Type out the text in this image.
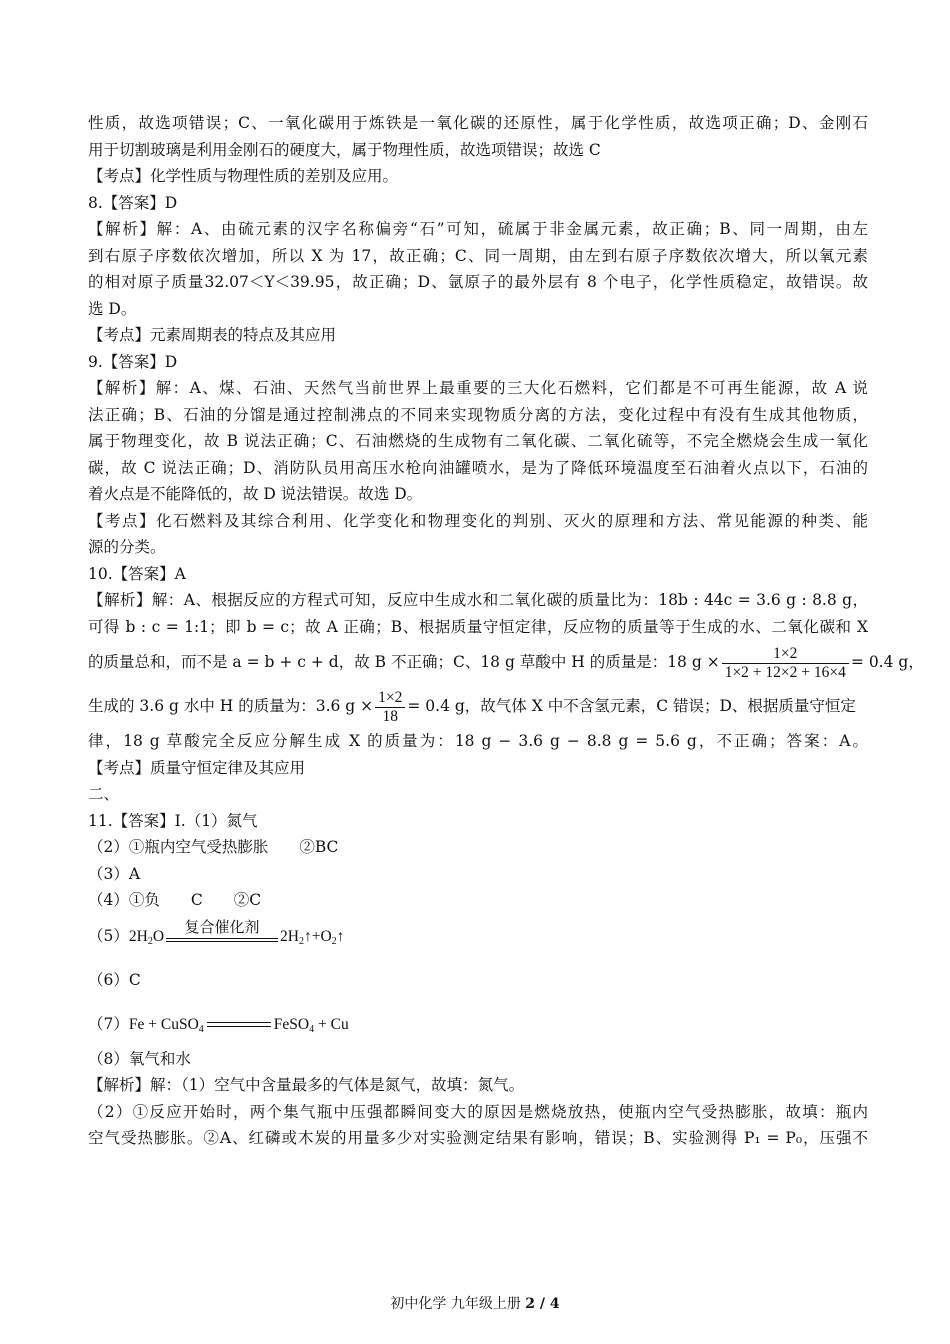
性质，故选项错误；C、一氧化碳用于炼铁是一氧化碳的还原性，属于化学性质，故选项正确；D、金刚石
用于切割玻璃是利用金刚石的硬度大，属于物理性质，故选项错误；故选 C
【考点】化学性质与物理性质的差别及应用。
8.【答案】D
【解析】解：A、由硫元素的汉字名称偏旁“石”可知，硫属于非金属元素，故正确；B、同一周期，由左
到右原子序数依次增加，所以 X 为 17，故正确；C、同一周期，由左到右原子序数依次增大，所以氧元素
的相对原子质量32.07＜Y＜39.95，故正确；D、氩原子的最外层有 8 个电子，化学性质稳定，故错误。故
选 D。
【考点】元素周期表的特点及其应用
9.【答案】D
【解析】解：A、煤、石油、天然气当前世界上最重要的三大化石燃料，它们都是不可再生能源，故 A 说
法正确；B、石油的分馏是通过控制沸点的不同来实现物质分离的方法，变化过程中有没有生成其他物质，
属于物理变化，故 B 说法正确；C、石油燃烧的生成物有二氧化碳、二氧化硫等，不完全燃烧会生成一氧化
碳，故 C 说法正确；D、消防队员用高压水枪向油罐喷水，是为了降低环境温度至石油着火点以下，石油的
着火点是不能降低的，故 D 说法错误。故选 D。
【考点】化石燃料及其综合利用、化学变化和物理变化的判别、灭火的原理和方法、常见能源的种类、能
源的分类。
10.【答案】A
【解析】解：A、根据反应的方程式可知，反应中生成水和二氧化碳的质量比为：18b : 44c = 3.6 g : 8.8 g，
可得 b : c = 1:1；即 b = c；故 A 正确；B、根据质量守恒定律，反应物的质量等于生成的水、二氧化碳和 X
的质量总和，而不是 a = b + c + d，故 B 不正确；C、18 g 草酸中 H 的质量是：18 $g \times \frac{1\times 2}{1\times 2 + 12\times 2 + 16\times 4} = 0.4$ g，
生成的 3.6 g 水中 H 的质量为：3.6 $g \times \frac{1\times 2}{18} = 0.4$ g，故气体 X 中不含氢元素，C 错误；D、根据质量守恒定
律，18 g 草酸完全反应分解生成 X 的质量为：18 g − 3.6 g − 8.8 g = 5.6 g，不正确；答案：A。
【考点】质量守恒定律及其应用
二、
11.【答案】I.（1）氮气
（2）①瓶内空气受热膨胀　　②BC
（3）A
（4）①负　　C　　②C
$(5)2H_2O$
复合催化剂
$2H_2↑+O_2↑$
（6）C
（7）Fe + CuSO$_4$	FeSO$_4$ + Cu
（8）氧气和水
【解析】解：（1）空气中含量最多的气体是氮气，故填：氮气。
（2）①反应开始时，两个集气瓶中压强都瞬间变大的原因是燃烧放热，使瓶内空气受热膨胀，故填：瓶内
空气受热膨胀。②A、红磷或木炭的用量多少对实验测定结果有影响，错误；B、实验测得 P₁ = P₀，压强不
初中化学 九年级上册 2 / 4
